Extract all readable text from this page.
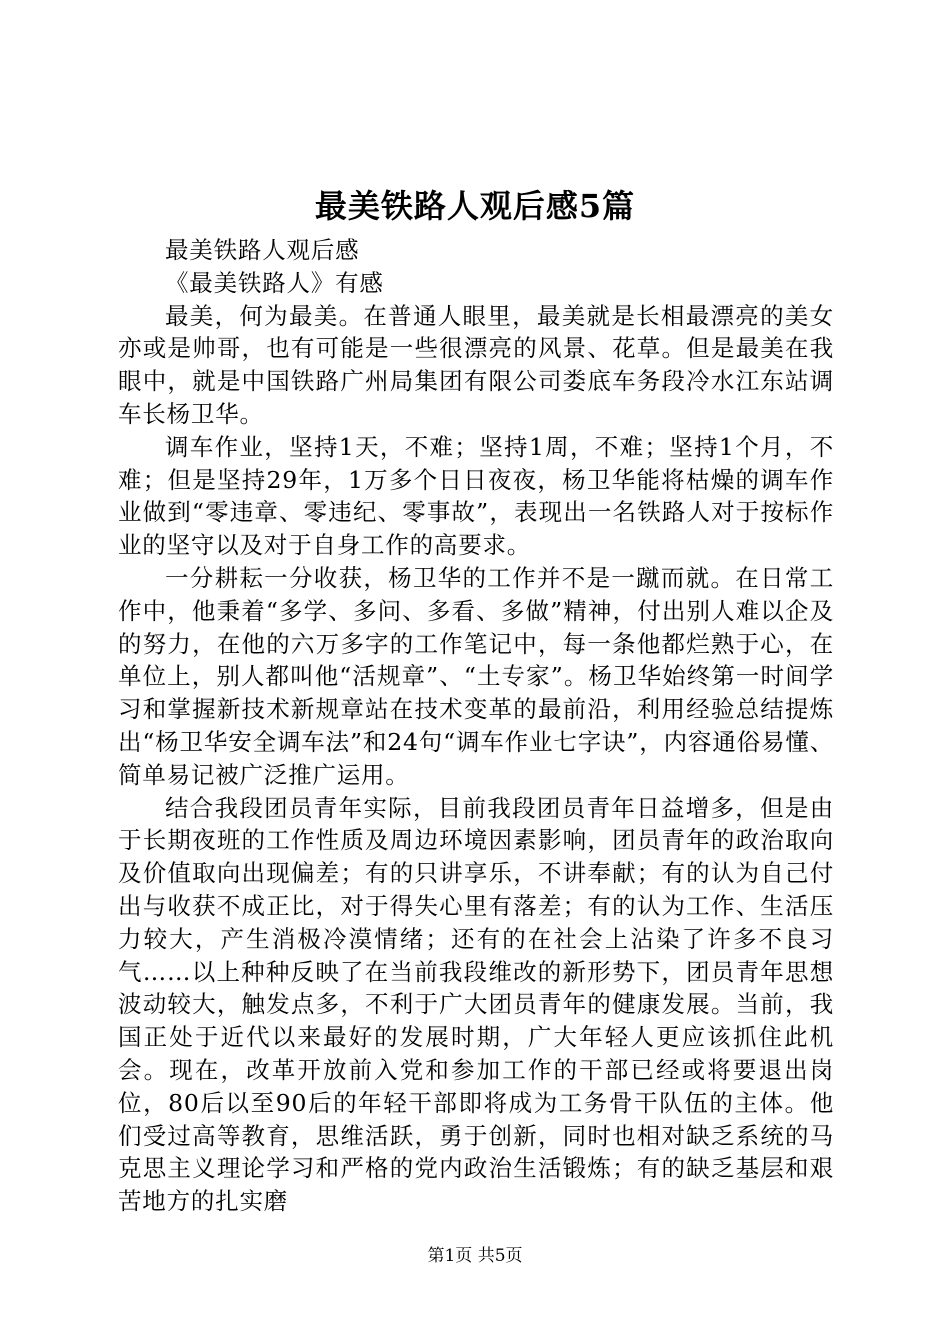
最美铁路人观后感5篇

最美铁路人观后感

《最美铁路人》有感

最美，何为最美。在普通人眼里，最美就是长相最漂亮的美女亦或是帅哥，也有可能是一些很漂亮的风景、花草。但是最美在我眼中，就是中国铁路广州局集团有限公司娄底车务段冷水江东站调车长杨卫华。

调车作业，坚持1天，不难；坚持1周，不难；坚持1个月，不难；但是坚持29年，1万多个日日夜夜，杨卫华能将枯燥的调车作业做到“零违章、零违纪、零事故”，表现出一名铁路人对于按标作业的坚守以及对于自身工作的高要求。

一分耕耘一分收获，杨卫华的工作并不是一蹴而就。在日常工作中，他秉着“多学、多问、多看、多做”精神，付出别人难以企及的努力，在他的六万多字的工作笔记中，每一条他都烂熟于心，在单位上，别人都叫他“活规章”、“土专家”。杨卫华始终第一时间学习和掌握新技术新规章站在技术变革的最前沿，利用经验总结提炼出“杨卫华安全调车法”和24句“调车作业七字诀”，内容通俗易懂、简单易记被广泛推广运用。

结合我段团员青年实际，目前我段团员青年日益增多，但是由于长期夜班的工作性质及周边环境因素影响，团员青年的政治取向及价值取向出现偏差；有的只讲享乐，不讲奉献；有的认为自己付出与收获不成正比，对于得失心里有落差；有的认为工作、生活压力较大，产生消极冷漠情绪；还有的在社会上沾染了许多不良习气……以上种种反映了在当前我段维改的新形势下，团员青年思想波动较大，触发点多，不利于广大团员青年的健康发展。当前，我国正处于近代以来最好的发展时期，广大年轻人更应该抓住此机会。现在，改革开放前入党和参加工作的干部已经或将要退出岗位，80后以至90后的年轻干部即将成为工务骨干队伍的主体。他们受过高等教育，思维活跃，勇于创新，同时也相对缺乏系统的马克思主义理论学习和严格的党内政治生活锻炼；有的缺乏基层和艰苦地方的扎实磨

第1页 共5页
